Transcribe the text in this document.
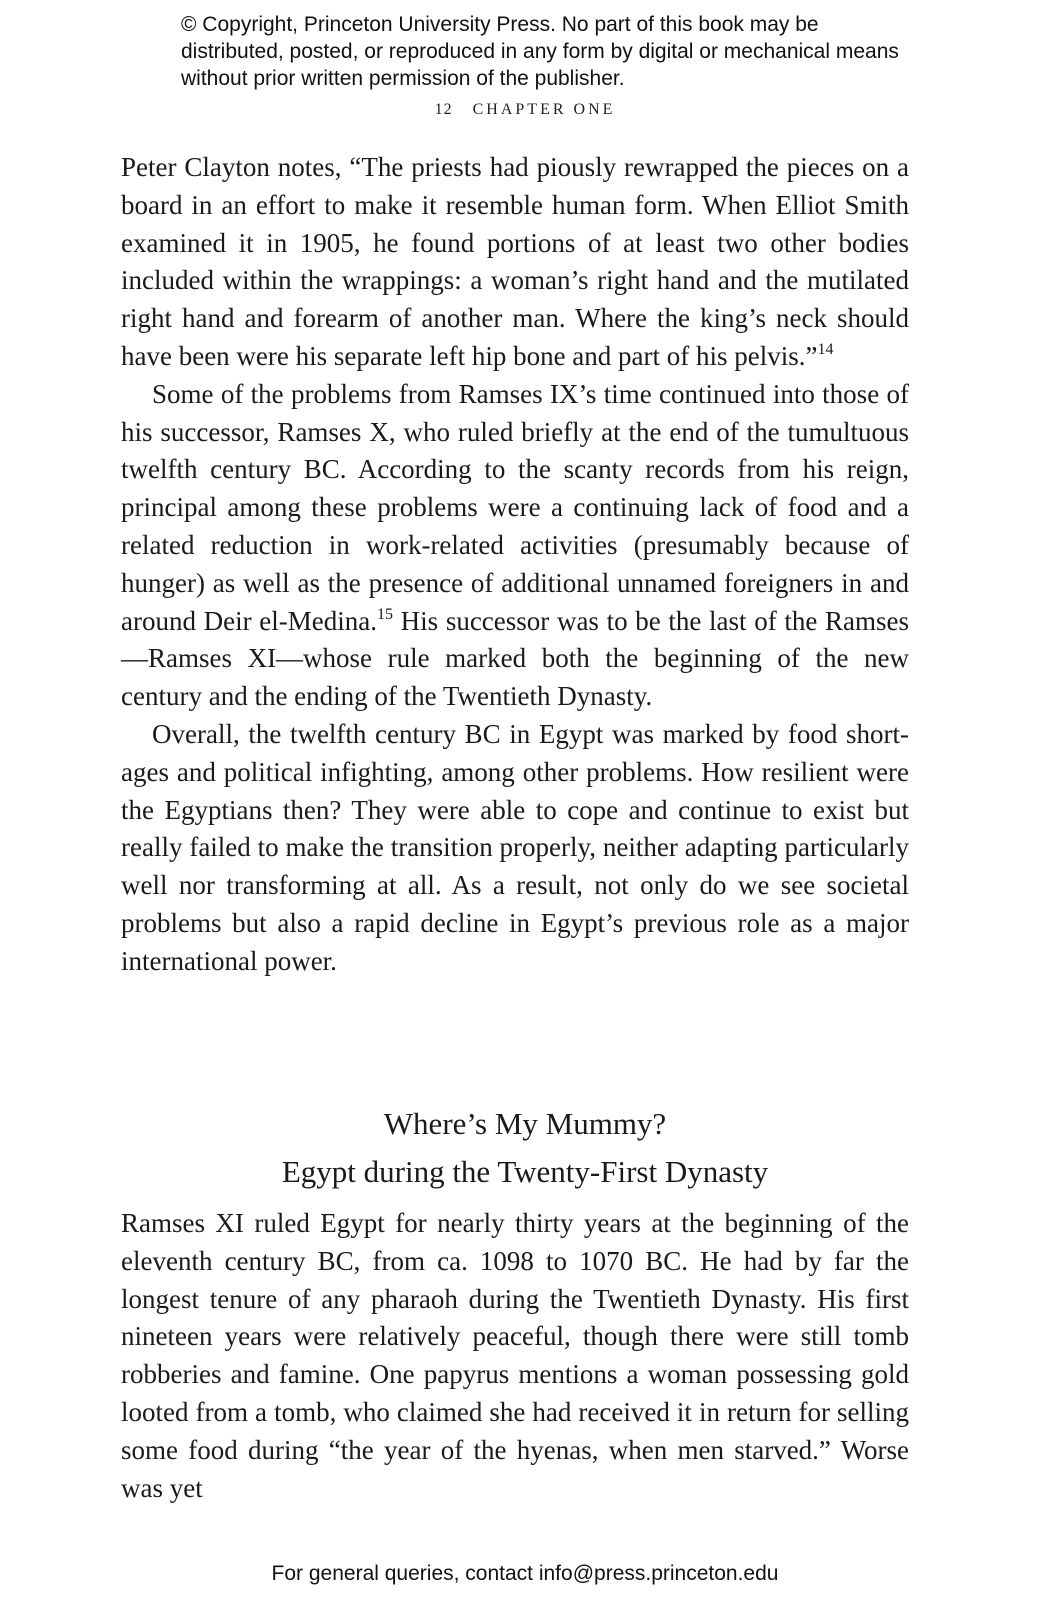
© Copyright, Princeton University Press. No part of this book may be distributed, posted, or reproduced in any form by digital or mechanical means without prior written permission of the publisher.
12 CHAPTER ONE

Peter Clayton notes, “The priests had piously rewrapped the pieces on a board in an effort to make it resemble human form. When Elliot Smith examined it in 1905, he found portions of at least two other bodies included within the wrappings: a woman’s right hand and the mutilated right hand and forearm of another man. Where the king’s neck should have been were his separate left hip bone and part of his pelvis.”$^{14}$

Some of the problems from Ramses IX’s time continued into those of his successor, Ramses X, who ruled briefly at the end of the tumultuous twelfth century BC. According to the scanty records from his reign, principal among these problems were a continuing lack of food and a related reduction in work-related activities (presumably because of hunger) as well as the presence of additional unnamed foreigners in and around Deir el-Medina.$^{15}$ His successor was to be the last of the Ramses—Ramses XI—whose rule marked both the beginning of the new century and the ending of the Twentieth Dynasty.

Overall, the twelfth century BC in Egypt was marked by food shortages and political infighting, among other problems. How resilient were the Egyptians then? They were able to cope and continue to exist but really failed to make the transition properly, neither adapting particularly well nor transforming at all. As a result, not only do we see societal problems but also a rapid decline in Egypt’s previous role as a major international power.

Where’s My Mummy?
Egypt during the Twenty-First Dynasty

Ramses XI ruled Egypt for nearly thirty years at the beginning of the eleventh century BC, from ca. 1098 to 1070 BC. He had by far the longest tenure of any pharaoh during the Twentieth Dynasty. His first nineteen years were relatively peaceful, though there were still tomb robberies and famine. One papyrus mentions a woman possessing gold looted from a tomb, who claimed she had received it in return for selling some food during “the year of the hyenas, when men starved.” Worse was yet

For general queries, contact info@press.princeton.edu
